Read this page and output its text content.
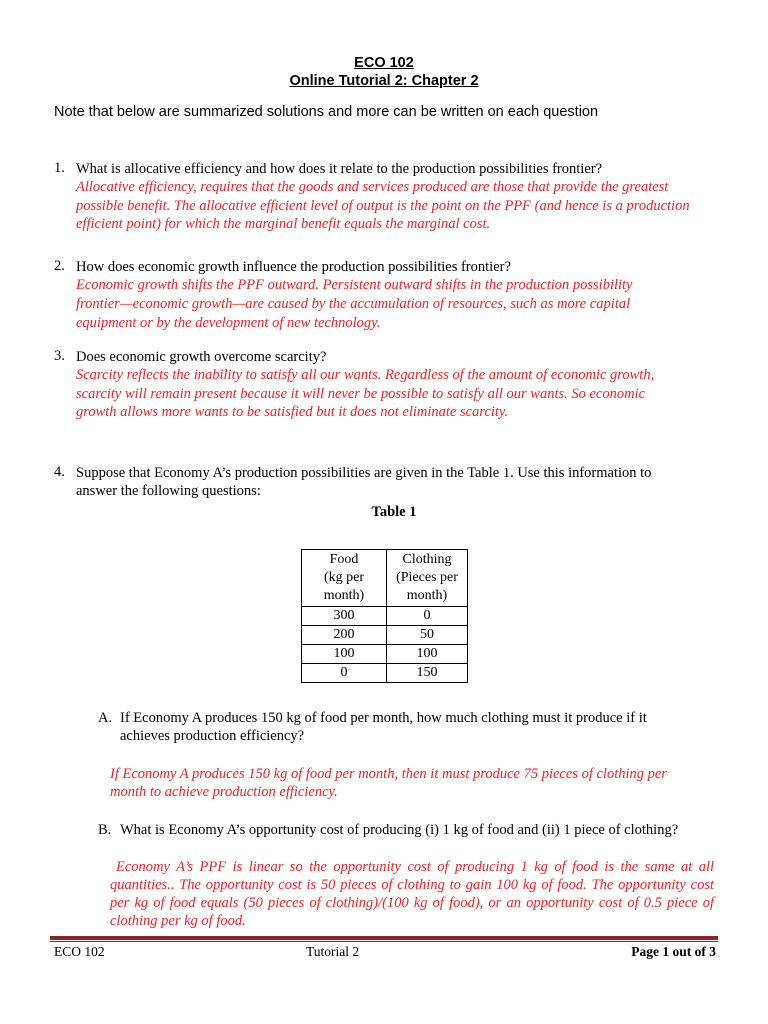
ECO 102
Online Tutorial 2: Chapter 2
Note that below are summarized solutions and more can be written on each question
1. What is allocative efficiency and how does it relate to the production possibilities frontier?
Allocative efficiency, requires that the goods and services produced are those that provide the greatest
possible benefit. The allocative efficient level of output is the point on the PPF (and hence is a production
efficient point) for which the marginal benefit equals the marginal cost.
2. How does economic growth influence the production possibilities frontier?
Economic growth shifts the PPF outward. Persistent outward shifts in the production possibility
frontier—economic growth—are caused by the accumulation of resources, such as more capital
equipment or by the development of new technology.
3. Does economic growth overcome scarcity?
Scarcity reflects the inability to satisfy all our wants. Regardless of the amount of economic growth,
scarcity will remain present because it will never be possible to satisfy all our wants. So economic
growth allows more wants to be satisfied but it does not eliminate scarcity.
4. Suppose that Economy A’s production possibilities are given in the Table 1. Use this information to
answer the following questions:
Table 1
Food
(kg per
month)	Clothing
(Pieces per
month)

300	0
200	50
100	100
0	150
A. If Economy A produces 150 kg of food per month, how much clothing must it produce if it achieves production efficiency?
If Economy A produces 150 kg of food per month, then it must produce 75 pieces of clothing per month to achieve production efficiency.
B. What is Economy A’s opportunity cost of producing (i) 1 kg of food and (ii) 1 piece of clothing?
Economy A’s PPF is linear so the opportunity cost of producing 1 kg of food is the same at all quantities.. The opportunity cost is 50 pieces of clothing to gain 100 kg of food. The opportunity cost per kg of food equals (50 pieces of clothing)/(100 kg of food), or an opportunity cost of 0.5 piece of clothing per kg of food.
ECO 102	Tutorial 2	Page 1 out of 3
